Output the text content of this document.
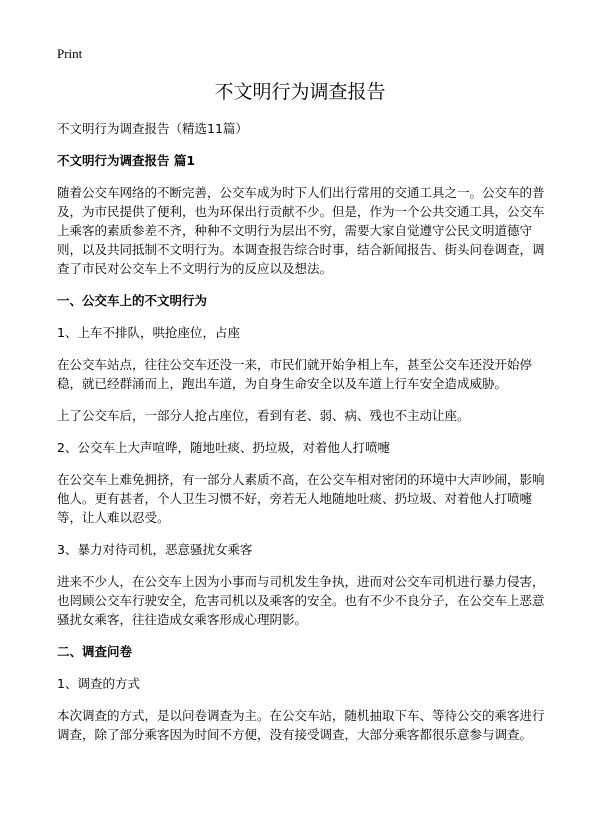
Print
不文明行为调查报告

不文明行为调查报告（精选11篇）

不文明行为调查报告 篇1

随着公交车网络的不断完善，公交车成为时下人们出行常用的交通工具之一。公交车的普及，为市民提供了便利，也为环保出行贡献不少。但是，作为一个公共交通工具，公交车上乘客的素质参差不齐，种种不文明行为层出不穷，需要大家自觉遵守公民文明道德守则，以及共同抵制不文明行为。本调查报告综合时事，结合新闻报告、街头问卷调查，调查了市民对公交车上不文明行为的反应以及想法。

一、公交车上的不文明行为

1、上车不排队，哄抢座位，占座

在公交车站点，往往公交车还没一来，市民们就开始争相上车，甚至公交车还没开始停稳，就已经群涌而上，跑出车道，为自身生命安全以及车道上行车安全造成威胁。

上了公交车后，一部分人抢占座位，看到有老、弱、病、残也不主动让座。

2、公交车上大声喧哗，随地吐痰、扔垃圾，对着他人打喷嚏

在公交车上难免拥挤，有一部分人素质不高，在公交车相对密闭的环境中大声吵闹，影响他人。更有甚者，个人卫生习惯不好，旁若无人地随地吐痰、扔垃圾、对着他人打喷嚏等，让人难以忍受。

3、暴力对待司机，恶意骚扰女乘客

进来不少人，在公交车上因为小事而与司机发生争执，进而对公交车司机进行暴力侵害，也罔顾公交车行驶安全，危害司机以及乘客的安全。也有不少不良分子，在公交车上恶意骚扰女乘客，往往造成女乘客形成心理阴影。

二、调查问卷

1、调查的方式

本次调查的方式，是以问卷调查为主。在公交车站，随机抽取下车、等待公交的乘客进行调查，除了部分乘客因为时间不方便，没有接受调查，大部分乘客都很乐意参与调查。
